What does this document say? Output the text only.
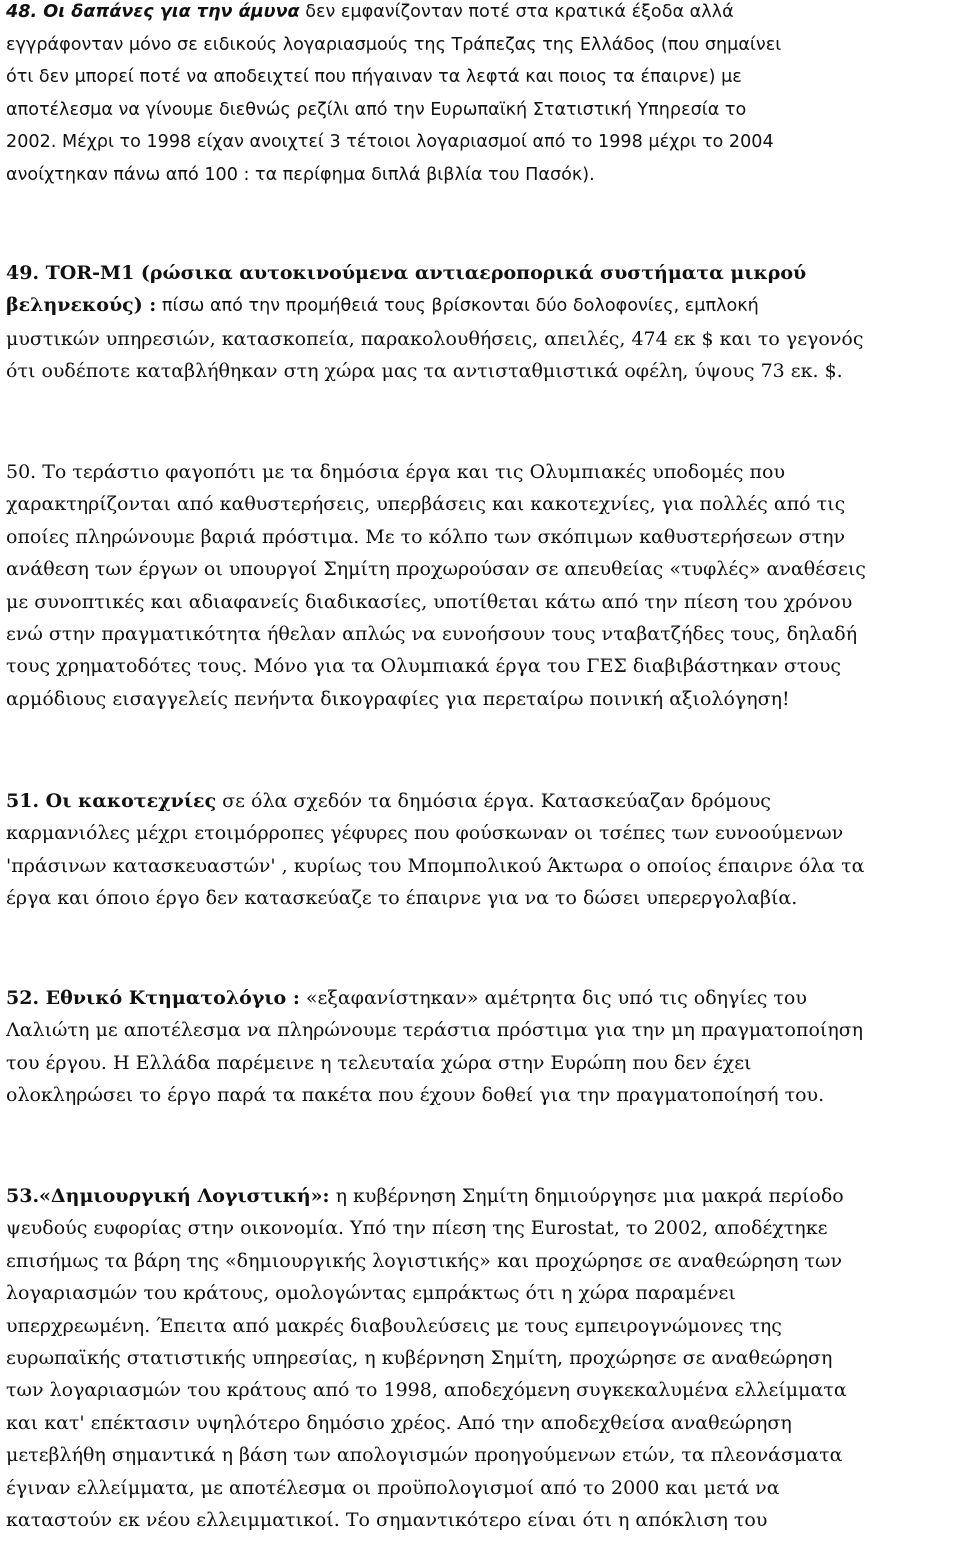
48. Οι δαπάνες για την άμυνα δεν εμφανίζονταν ποτέ στα κρατικά έξοδα αλλά
εγγράφονταν μόνο σε ειδικούς λογαριασμούς της Τράπεζας της Ελλάδος (που σημαίνει
ότι δεν μπορεί ποτέ να αποδειχτεί που πήγαιναν τα λεφτά και ποιος τα έπαιρνε) με
αποτέλεσμα να γίνουμε διεθνώς ρεζίλι από την Ευρωπαϊκή Στατιστική Υπηρεσία το
2002. Μέχρι το 1998 είχαν ανοιχτεί 3 τέτοιοι λογαριασμοί από το 1998 μέχρι το 2004
ανοίχτηκαν πάνω από 100 : τα περίφημα διπλά βιβλία του Πασόκ).

49. TOR-M1 (ρώσικα αυτοκινούμενα αντιαεροπορικά συστήματα μικρού
βεληνεκούς) : πίσω από την προμήθειά τους βρίσκονται δύο δολοφονίες, εμπλοκή
μυστικών υπηρεσιών, κατασκοπεία, παρακολουθήσεις, απειλές, 474 εκ $ και το γεγονός
ότι ουδέποτε καταβλήθηκαν στη χώρα μας τα αντισταθμιστικά οφέλη, ύψους 73 εκ. $.

50. Το τεράστιο φαγοπότι με τα δημόσια έργα και τις Ολυμπιακές υποδομές που
χαρακτηρίζονται από καθυστερήσεις, υπερβάσεις και κακοτεχνίες, για πολλές από τις
οποίες πληρώνουμε βαριά πρόστιμα. Με το κόλπο των σκόπιμων καθυστερήσεων στην
ανάθεση των έργων οι υπουργοί Σημίτη προχωρούσαν σε απευθείας «τυφλές» αναθέσεις
με συνοπτικές και αδιαφανείς διαδικασίες, υποτίθεται κάτω από την πίεση του χρόνου
ενώ στην πραγματικότητα ήθελαν απλώς να ευνοήσουν τους νταβατζήδες τους, δηλαδή
τους χρηματοδότες τους. Μόνο για τα Ολυμπιακά έργα του ΓΕΣ διαβιβάστηκαν στους
αρμόδιους εισαγγελείς πενήντα δικογραφίες για περεταίρω ποινική αξιολόγηση!

51. Οι κακοτεχνίες σε όλα σχεδόν τα δημόσια έργα. Κατασκεύαζαν δρόμους
καρμανιόλες μέχρι ετοιμόρροπες γέφυρες που φούσκωναν οι τσέπες των ευνοούμενων
'πράσινων κατασκευαστών' , κυρίως του Μπομπολικού Άκτωρα ο οποίος έπαιρνε όλα τα
έργα και όποιο έργο δεν κατασκεύαζε το έπαιρνε για να το δώσει υπερεργολαβία.

52. Εθνικό Κτηματολόγιο : «εξαφανίστηκαν» αμέτρητα δις υπό τις οδηγίες του
Λαλιώτη με αποτέλεσμα να πληρώνουμε τεράστια πρόστιμα για την μη πραγματοποίηση
του έργου. Η Ελλάδα παρέμεινε η τελευταία χώρα στην Ευρώπη που δεν έχει
ολοκληρώσει το έργο παρά τα πακέτα που έχουν δοθεί για την πραγματοποίησή του.

53.«Δημιουργική Λογιστική»: η κυβέρνηση Σημίτη δημιούργησε μια μακρά περίοδο
ψευδούς ευφορίας στην οικονομία. Υπό την πίεση της Eurostat, το 2002, αποδέχτηκε
επισήμως τα βάρη της «δημιουργικής λογιστικής» και προχώρησε σε αναθεώρηση των
λογαριασμών του κράτους, ομολογώντας εμπράκτως ότι η χώρα παραμένει
υπερχρεωμένη. Έπειτα από μακρές διαβουλεύσεις με τους εμπειρογνώμονες της
ευρωπαϊκής στατιστικής υπηρεσίας, η κυβέρνηση Σημίτη, προχώρησε σε αναθεώρηση
των λογαριασμών του κράτους από το 1998, αποδεχόμενη συγκεκαλυμένα ελλείμματα
και κατ' επέκτασιν υψηλότερο δημόσιο χρέος. Από την αποδεχθείσα αναθεώρηση
μετεβλήθη σημαντικά η βάση των απολογισμών προηγούμενων ετών, τα πλεονάσματα
έγιναν ελλείμματα, με αποτέλεσμα οι προϋπολογισμοί από το 2000 και μετά να
καταστούν εκ νέου ελλειμματικοί. Το σημαντικότερο είναι ότι η απόκλιση του
